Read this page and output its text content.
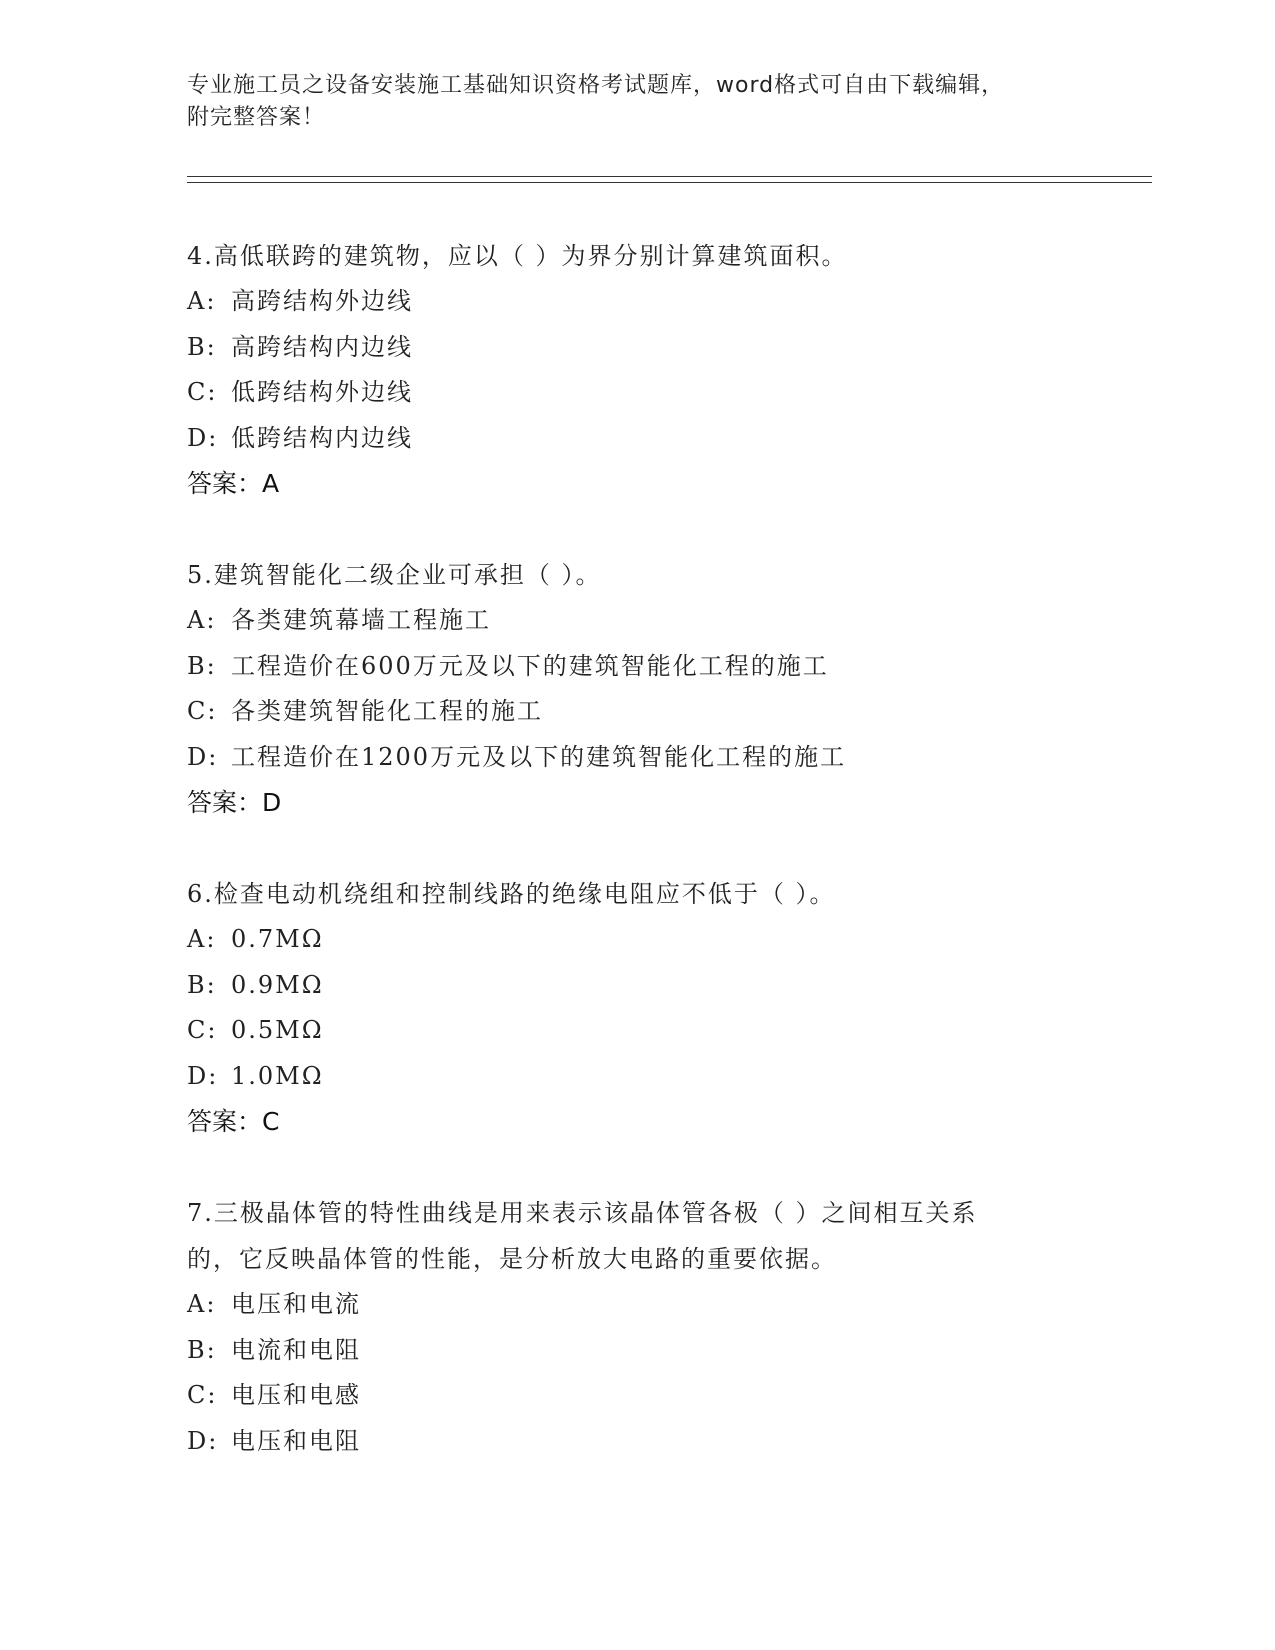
专业施工员之设备安装施工基础知识资格考试题库，word格式可自由下载编辑，
附完整答案！

4.高低联跨的建筑物，应以（ ）为界分别计算建筑面积。

A: 高跨结构外边线

B: 高跨结构内边线

C: 低跨结构外边线

D: 低跨结构内边线

答案：A

5.建筑智能化二级企业可承担（ ）。

A: 各类建筑幕墙工程施工

B: 工程造价在600万元及以下的建筑智能化工程的施工

C: 各类建筑智能化工程的施工

D: 工程造价在1200万元及以下的建筑智能化工程的施工

答案：D

6.检查电动机绕组和控制线路的绝缘电阻应不低于（ ）。

A: 0.7MΩ

B: 0.9MΩ

C: 0.5MΩ

D: 1.0MΩ

答案：C

7.三极晶体管的特性曲线是用来表示该晶体管各极（ ）之间相互关系

的，它反映晶体管的性能，是分析放大电路的重要依据。

A: 电压和电流

B: 电流和电阻

C: 电压和电感

D: 电压和电阻
